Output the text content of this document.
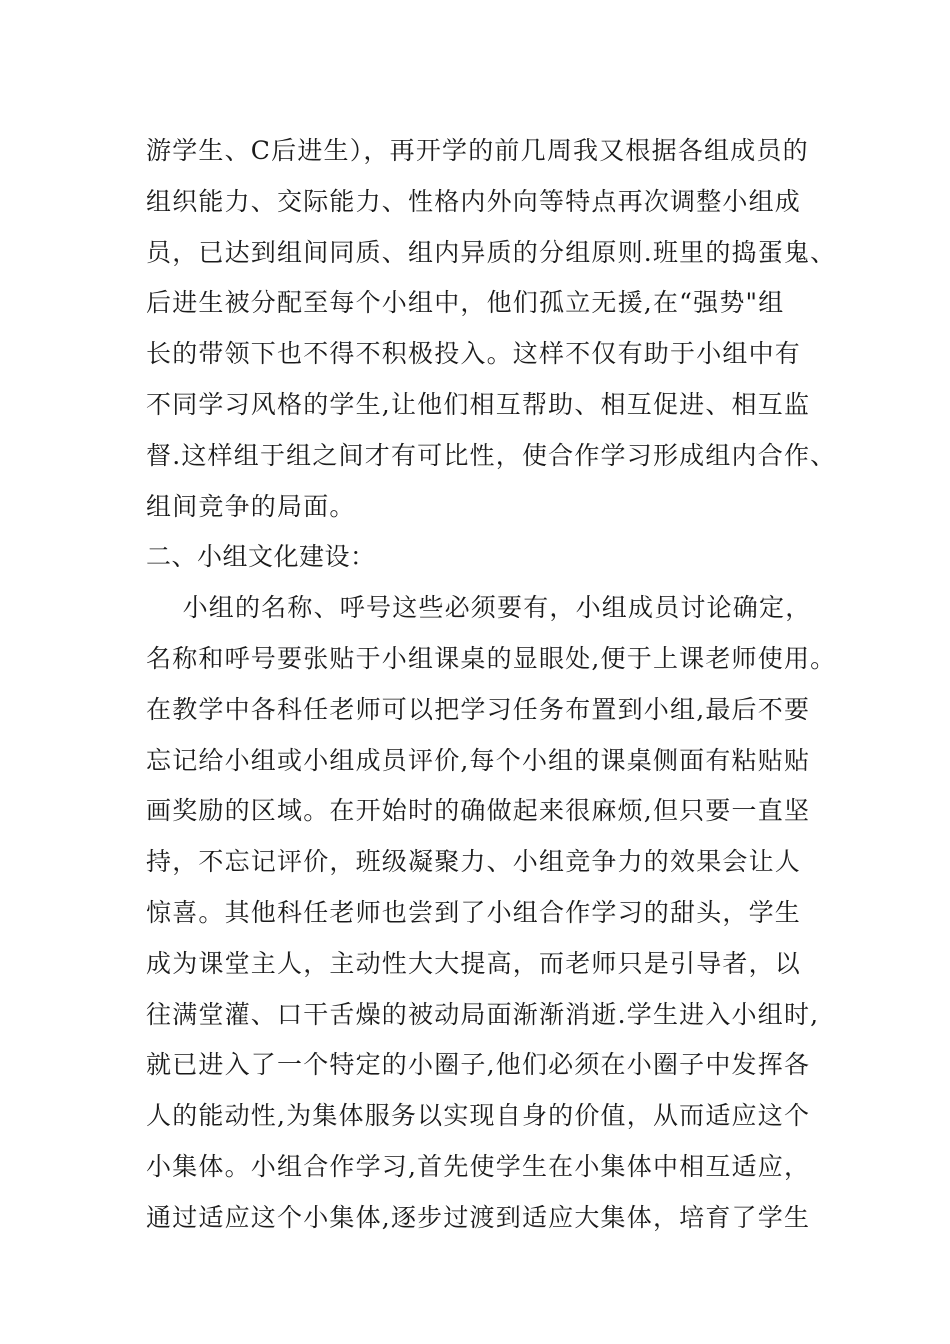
游学生、C后进生），再开学的前几周我又根据各组成员的
组织能力、交际能力、性格内外向等特点再次调整小组成
员，已达到组间同质、组内异质的分组原则.班里的捣蛋鬼、
后进生被分配至每个小组中，他们孤立无援,在“强势"组
长的带领下也不得不积极投入。这样不仅有助于小组中有
不同学习风格的学生,让他们相互帮助、相互促进、相互监
督.这样组于组之间才有可比性，使合作学习形成组内合作、
组间竞争的局面。
二、小组文化建设：
小组的名称、呼号这些必须要有，小组成员讨论确定，
名称和呼号要张贴于小组课桌的显眼处,便于上课老师使用。
在教学中各科任老师可以把学习任务布置到小组,最后不要
忘记给小组或小组成员评价,每个小组的课桌侧面有粘贴贴
画奖励的区域。在开始时的确做起来很麻烦,但只要一直坚
持，不忘记评价，班级凝聚力、小组竞争力的效果会让人
惊喜。其他科任老师也尝到了小组合作学习的甜头，学生
成为课堂主人，主动性大大提高，而老师只是引导者，以
往满堂灌、口干舌燥的被动局面渐渐消逝.学生进入小组时,
就已进入了一个特定的小圈子,他们必须在小圈子中发挥各
人的能动性,为集体服务以实现自身的价值，从而适应这个
小集体。小组合作学习,首先使学生在小集体中相互适应，
通过适应这个小集体,逐步过渡到适应大集体，培育了学生
